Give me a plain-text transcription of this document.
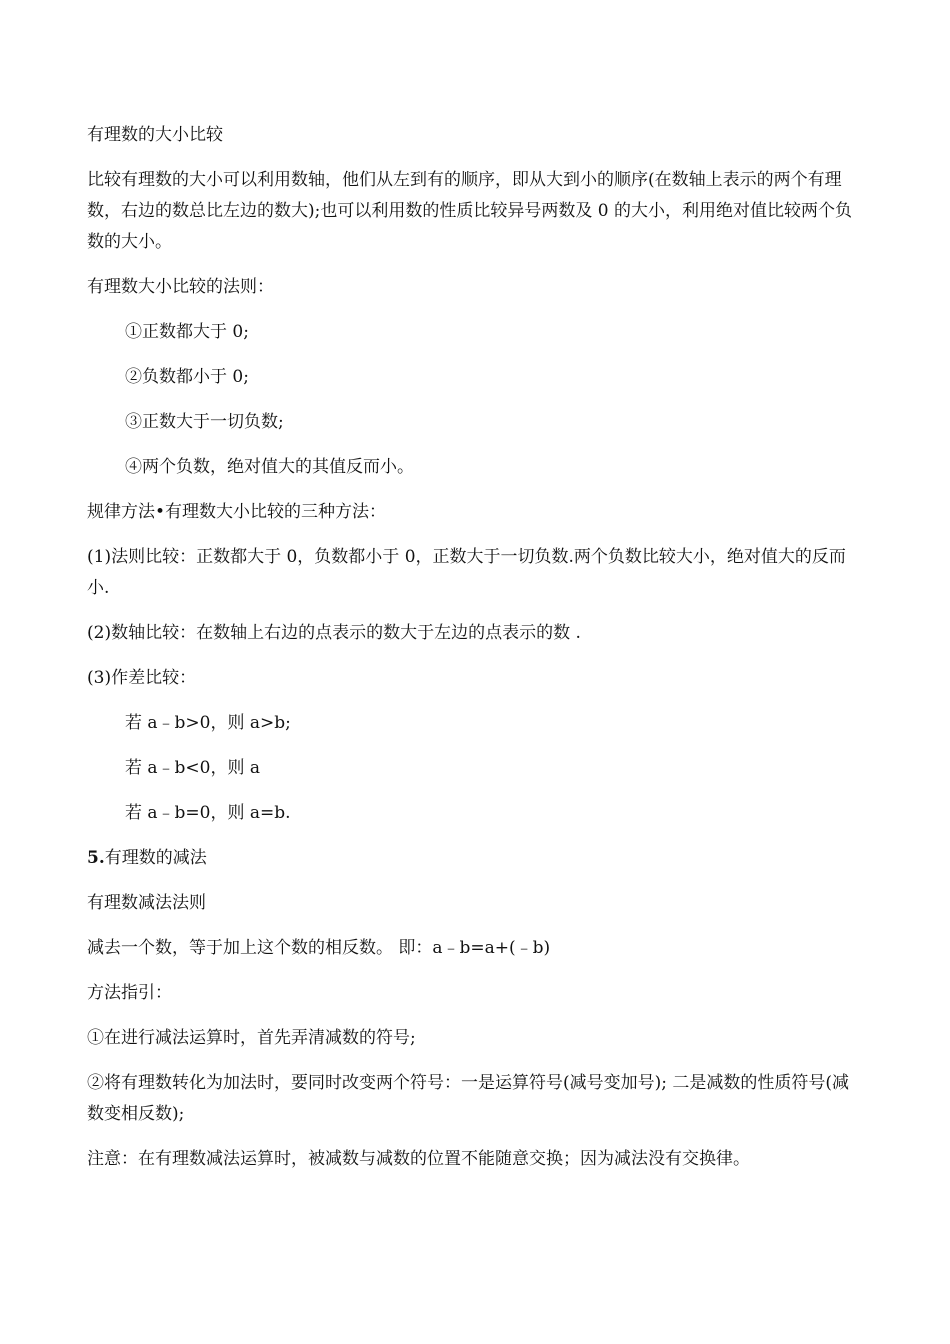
有理数的大小比较

比较有理数的大小可以利用数轴，他们从左到有的顺序，即从大到小的顺序(在数轴上表示的两个有理数，右边的数总比左边的数大);也可以利用数的性质比较异号两数及 0 的大小，利用绝对值比较两个负数的大小。

有理数大小比较的法则：

①正数都大于 0;

②负数都小于 0;

③正数大于一切负数;

④两个负数，绝对值大的其值反而小。

规律方法•有理数大小比较的三种方法：

(1)法则比较：正数都大于 0，负数都小于 0，正数大于一切负数.两个负数比较大小，绝对值大的反而小.

(2)数轴比较：在数轴上右边的点表示的数大于左边的点表示的数 .

(3)作差比较：

若 a﹣b>0，则 a>b;

若 a﹣b<0，则 a

若 a﹣b=0，则 a=b.

5.有理数的减法

有理数减法法则

减去一个数，等于加上这个数的相反数。 即：a﹣b=a+(﹣b)

方法指引：

①在进行减法运算时，首先弄清减数的符号;

②将有理数转化为加法时，要同时改变两个符号：一是运算符号(减号变加号); 二是减数的性质符号(减数变相反数);

注意：在有理数减法运算时，被减数与减数的位置不能随意交换；因为减法没有交换律。
